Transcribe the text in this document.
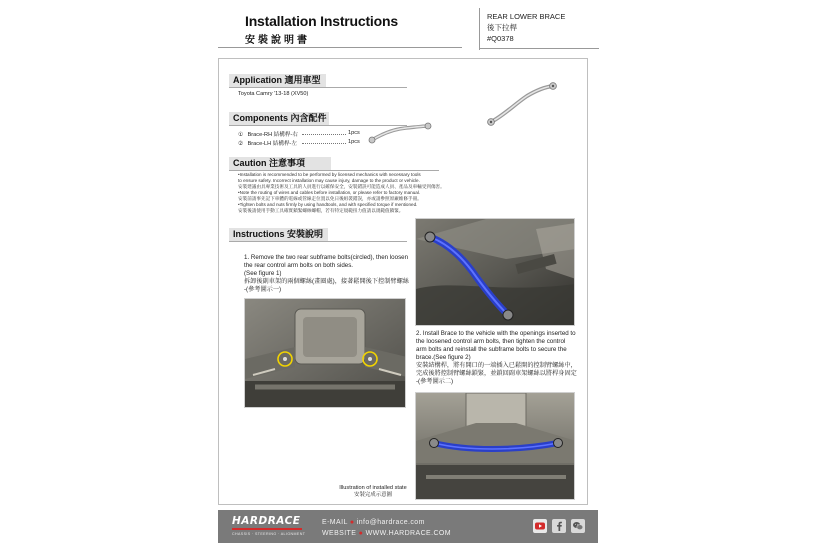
Installation Instructions
安裝說明書
REAR LOWER BRACE
後下拉桿
#Q0378
Application 適用車型
Toyota Camry '13-18 (XV50)
Components 內含配件
① Brace-RH 結構桿-右	1pcs
② Brace-LH 結構桿-左	1pcs
Caution 注意事項
•Installation is recommended to be performed by licensed mechanics with necessary tools
to ensure safety. Incorrect installation may cause injury, damage to the product or vehicle.
安裝建議由具專業技術及工具的人員進行以確保安全，安裝錯誤可能造成人員、產品及車輛受到傷害。
•Note the routing of wires and cables before installation, or please refer to factory manual.
安裝前請事先記下車體的電線或管線走位置以免日後組裝錯誤，亦或請參照原廠維修手冊。
•Tighten bolts and nuts firmly by using handtools, and with specified torque if mentioned.
安裝後請使用手動工具確實鎖緊螺絲螺帽，若有特定規範扭力值請以規範值鎖緊。
Instructions 安裝說明
1. Remove the two rear subframe bolts(circled), then loosen
the rear control arm bolts on both sides.
(See figure 1)
拆卸後副車架的兩個螺絲(畫圈處)，接著鬆開後下控制臂螺絲
-(參考圖示一)
2. Install Brace to the vehicle with the openings inserted to
the loosened control arm bolts, then tighten the control
arm bolts and reinstall the subframe bolts to secure the
brace.(See figure 2)
安裝結構桿，將有開口的一端插入已鬆開的控制臂螺絲中，
完成後將控制臂螺絲鎖緊，並鎖回副車架螺絲以將桿身固定
-(參考圖示二)
Illustration of installed state
安裝完成示意圖
HARDRACE
CHASSIS · STEERING · ALIGNMENT
E-MAIL ● info@hardrace.com
WEBSITE ● WWW.HARDRACE.COM
